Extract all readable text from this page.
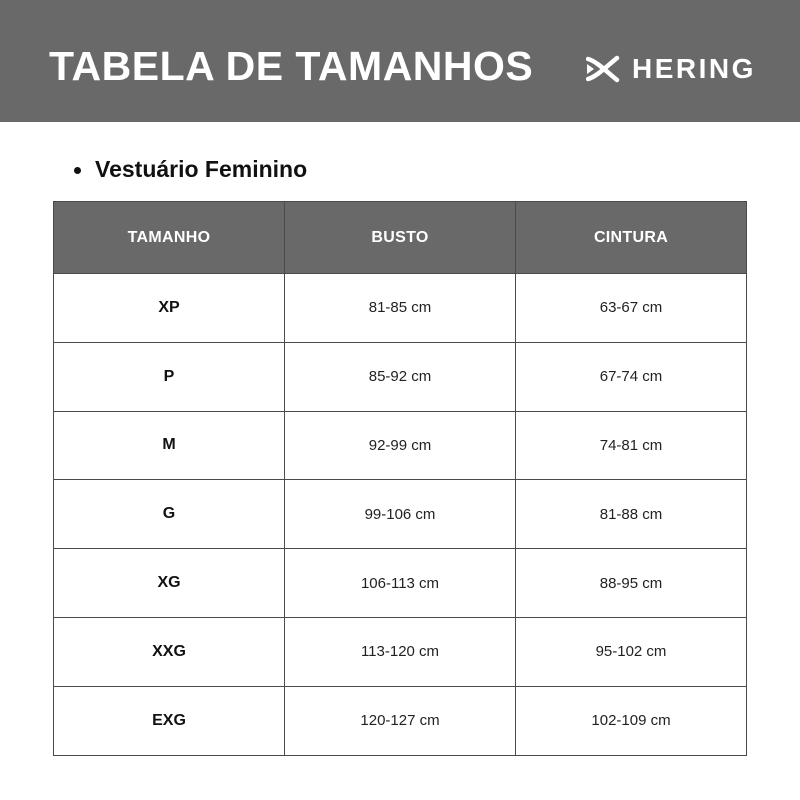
TABELA DE TAMANHOS	HERING
Vestuário Feminino
TAMANHO	BUSTO	CINTURA
XP	81-85 cm	63-67 cm
P	85-92 cm	67-74 cm
M	92-99 cm	74-81 cm
G	99-106 cm	81-88 cm
XG	106-113 cm	88-95 cm
XXG	113-120 cm	95-102 cm
EXG	120-127 cm	102-109 cm
